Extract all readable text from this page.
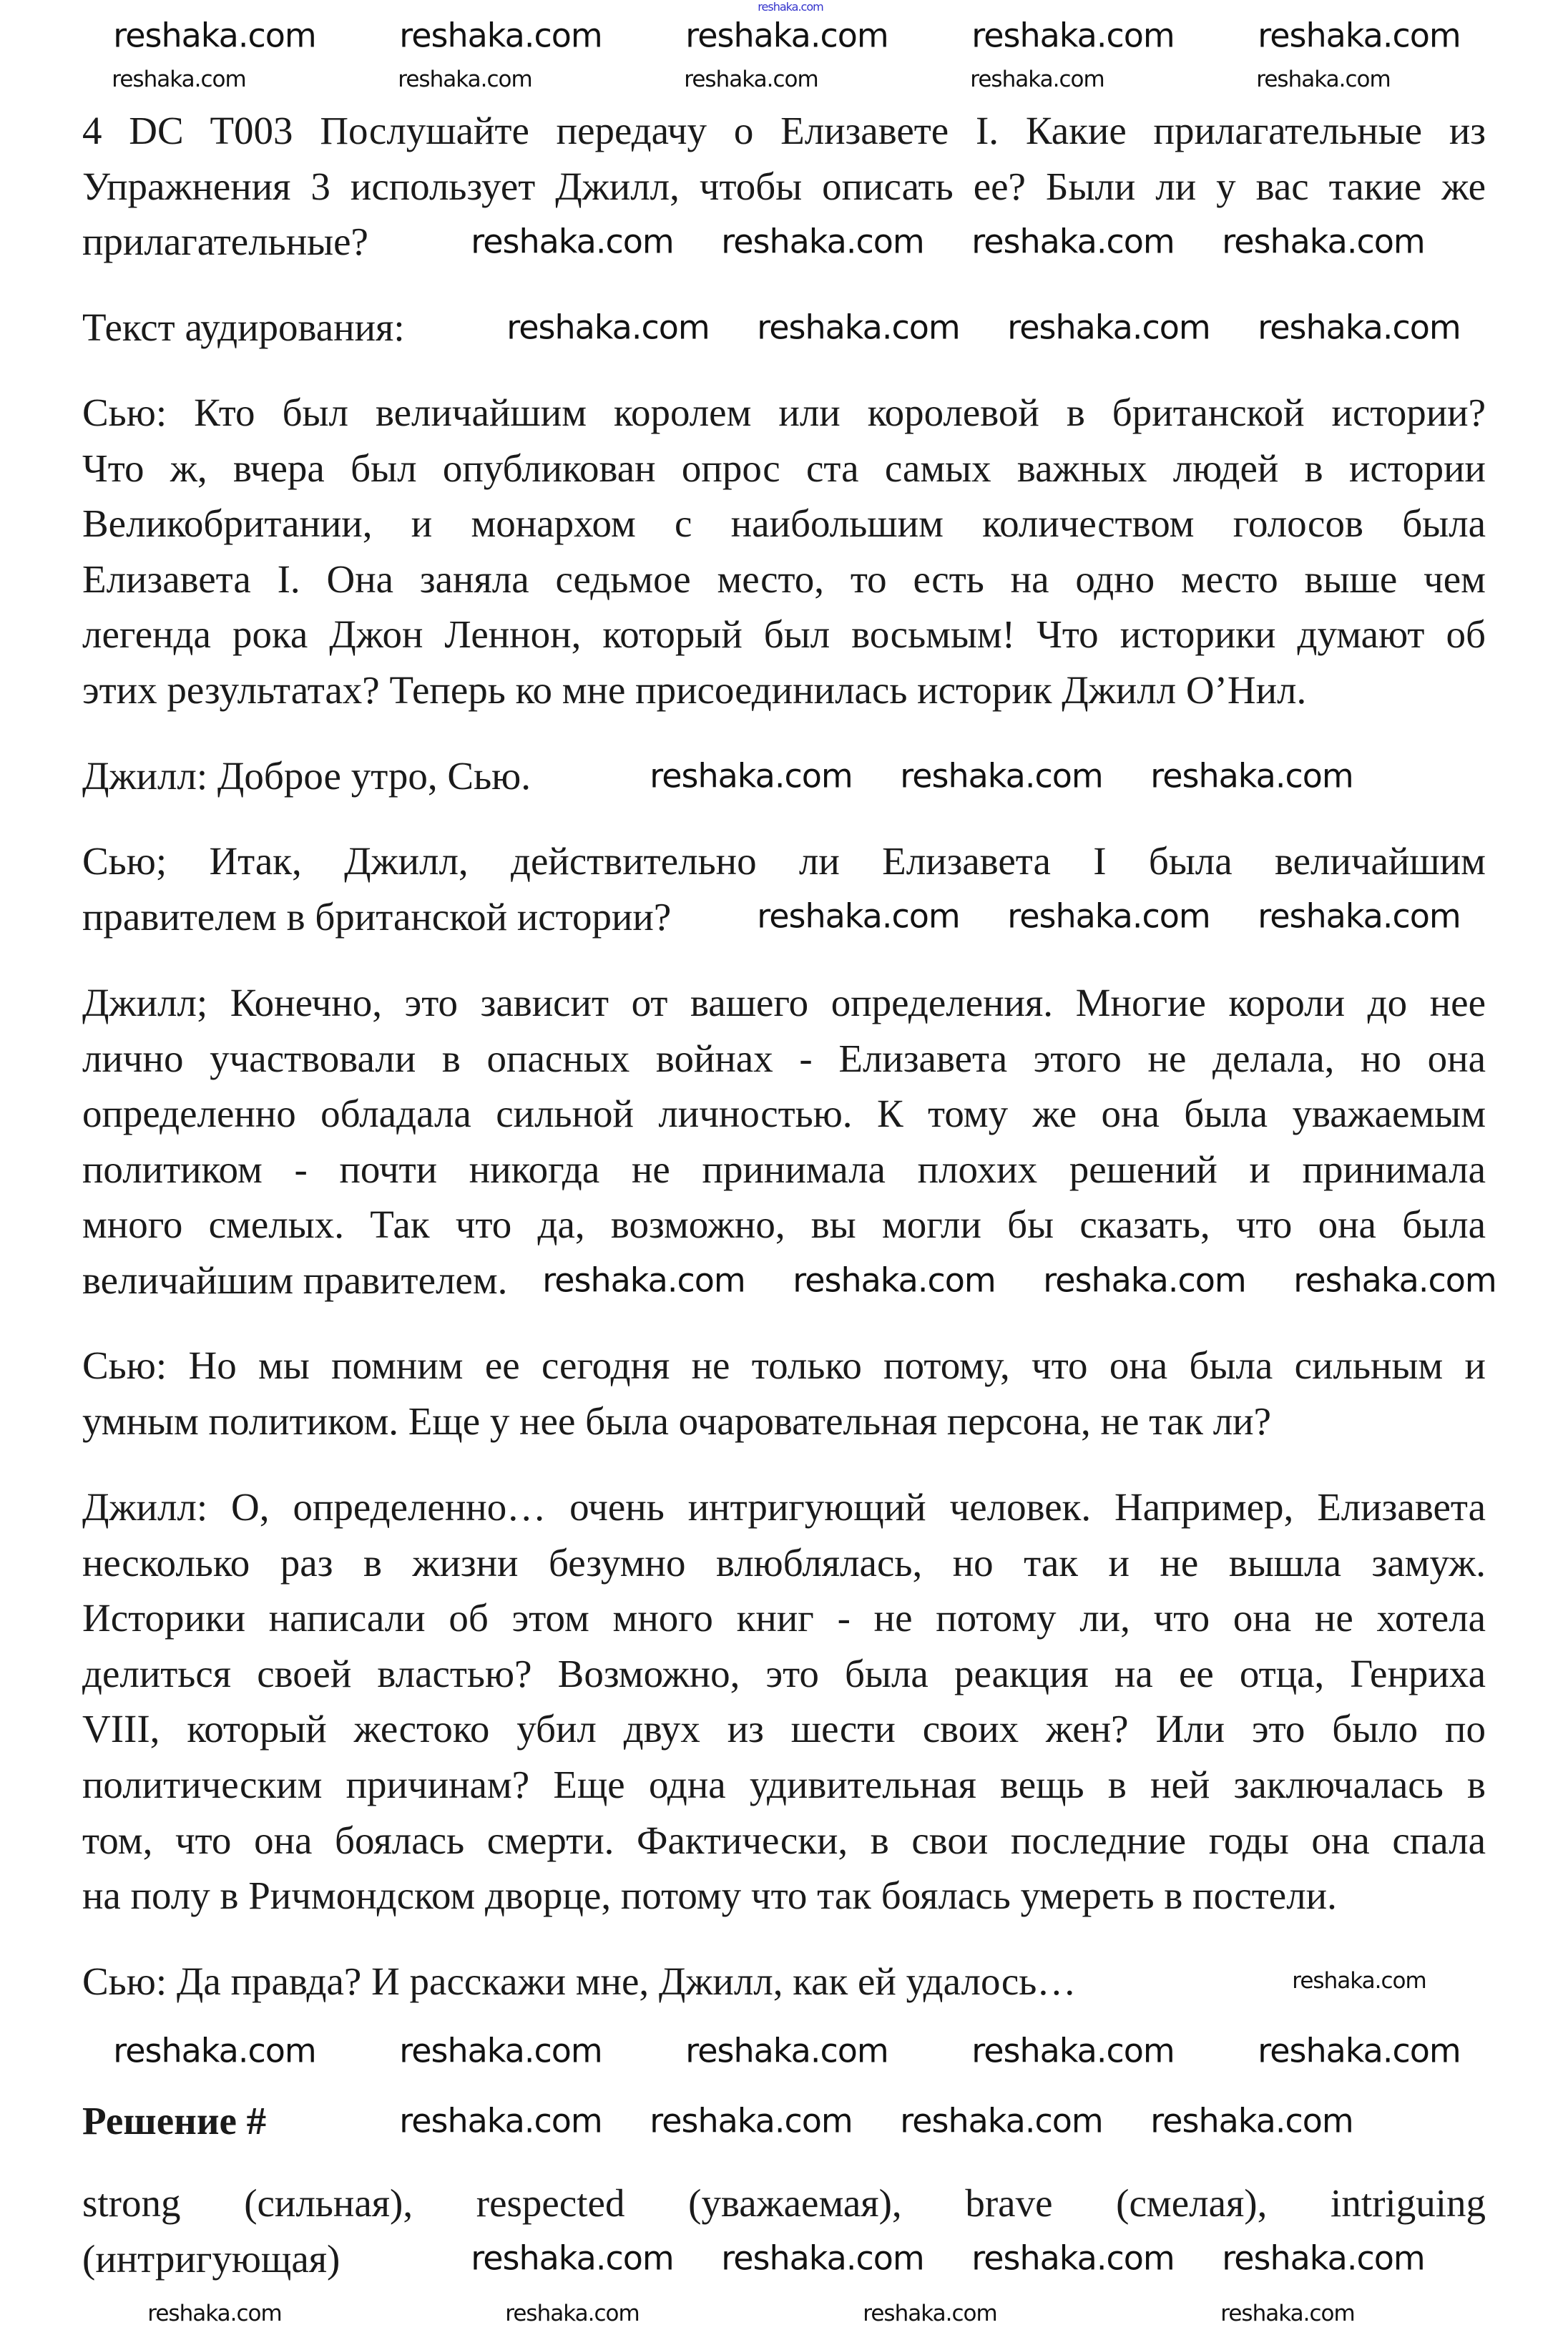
4 DC T003 Послушайте передачу о Елизавете I. Какие прилагательные из
Упражнения 3 использует Джилл, чтобы описать ее? Были ли у вас такие же
прилагательные?
Текст аудирования:
Сью: Кто был величайшим королем или королевой в британской истории?
Что ж, вчера был опубликован опрос ста самых важных людей в истории
Великобритании, и монархом с наибольшим количеством голосов была
Елизавета I. Она заняла седьмое место, то есть на одно место выше чем
легенда рока Джон Леннон, который был восьмым! Что историки думают об
этих результатах? Теперь ко мне присоединилась историк Джилл О’Нил.
Джилл: Доброе утро, Сью.
Сью; Итак, Джилл, действительно ли Елизавета I была величайшим
правителем в британской истории?
Джилл; Конечно, это зависит от вашего определения. Многие короли до нее
лично участвовали в опасных войнах - Елизавета этого не делала, но она
определенно обладала сильной личностью. К тому же она была уважаемым
политиком - почти никогда не принимала плохих решений и принимала
много смелых. Так что да, возможно, вы могли бы сказать, что она была
величайшим правителем.
Сью: Но мы помним ее сегодня не только потому, что она была сильным и
умным политиком. Еще у нее была очаровательная персона, не так ли?
Джилл: О, определенно… очень интригующий человек. Например, Елизавета
несколько раз в жизни безумно влюблялась, но так и не вышла замуж.
Историки написали об этом много книг - не потому ли, что она не хотела
делиться своей властью? Возможно, это была реакция на ее отца, Генриха
VIII, который жестоко убил двух из шести своих жен? Или это было по
политическим причинам? Еще одна удивительная вещь в ней заключалась в
том, что она боялась смерти. Фактически, в свои последние годы она спала
на полу в Ричмондском дворце, потому что так боялась умереть в постели.
Сью: Да правда? И расскажи мне, Джилл, как ей удалось…
Решение #
strong (сильная), respected (уважаемая), brave (смелая), intriguing
(интригующая)
reshaka.com
reshaka.com	reshaka.com	reshaka.com	reshaka.com	reshaka.com
reshaka.com	reshaka.com	reshaka.com	reshaka.com	reshaka.com
reshaka.com reshaka.com reshaka.com reshaka.com
reshaka.com reshaka.com reshaka.com reshaka.com
reshaka.com reshaka.com reshaka.com
reshaka.com reshaka.com reshaka.com
reshaka.com reshaka.com reshaka.com reshaka.com
reshaka.com
reshaka.com	reshaka.com	reshaka.com	reshaka.com	reshaka.com
reshaka.com reshaka.com reshaka.com reshaka.com
reshaka.com reshaka.com reshaka.com reshaka.com
reshaka.com	reshaka.com	reshaka.com	reshaka.com
